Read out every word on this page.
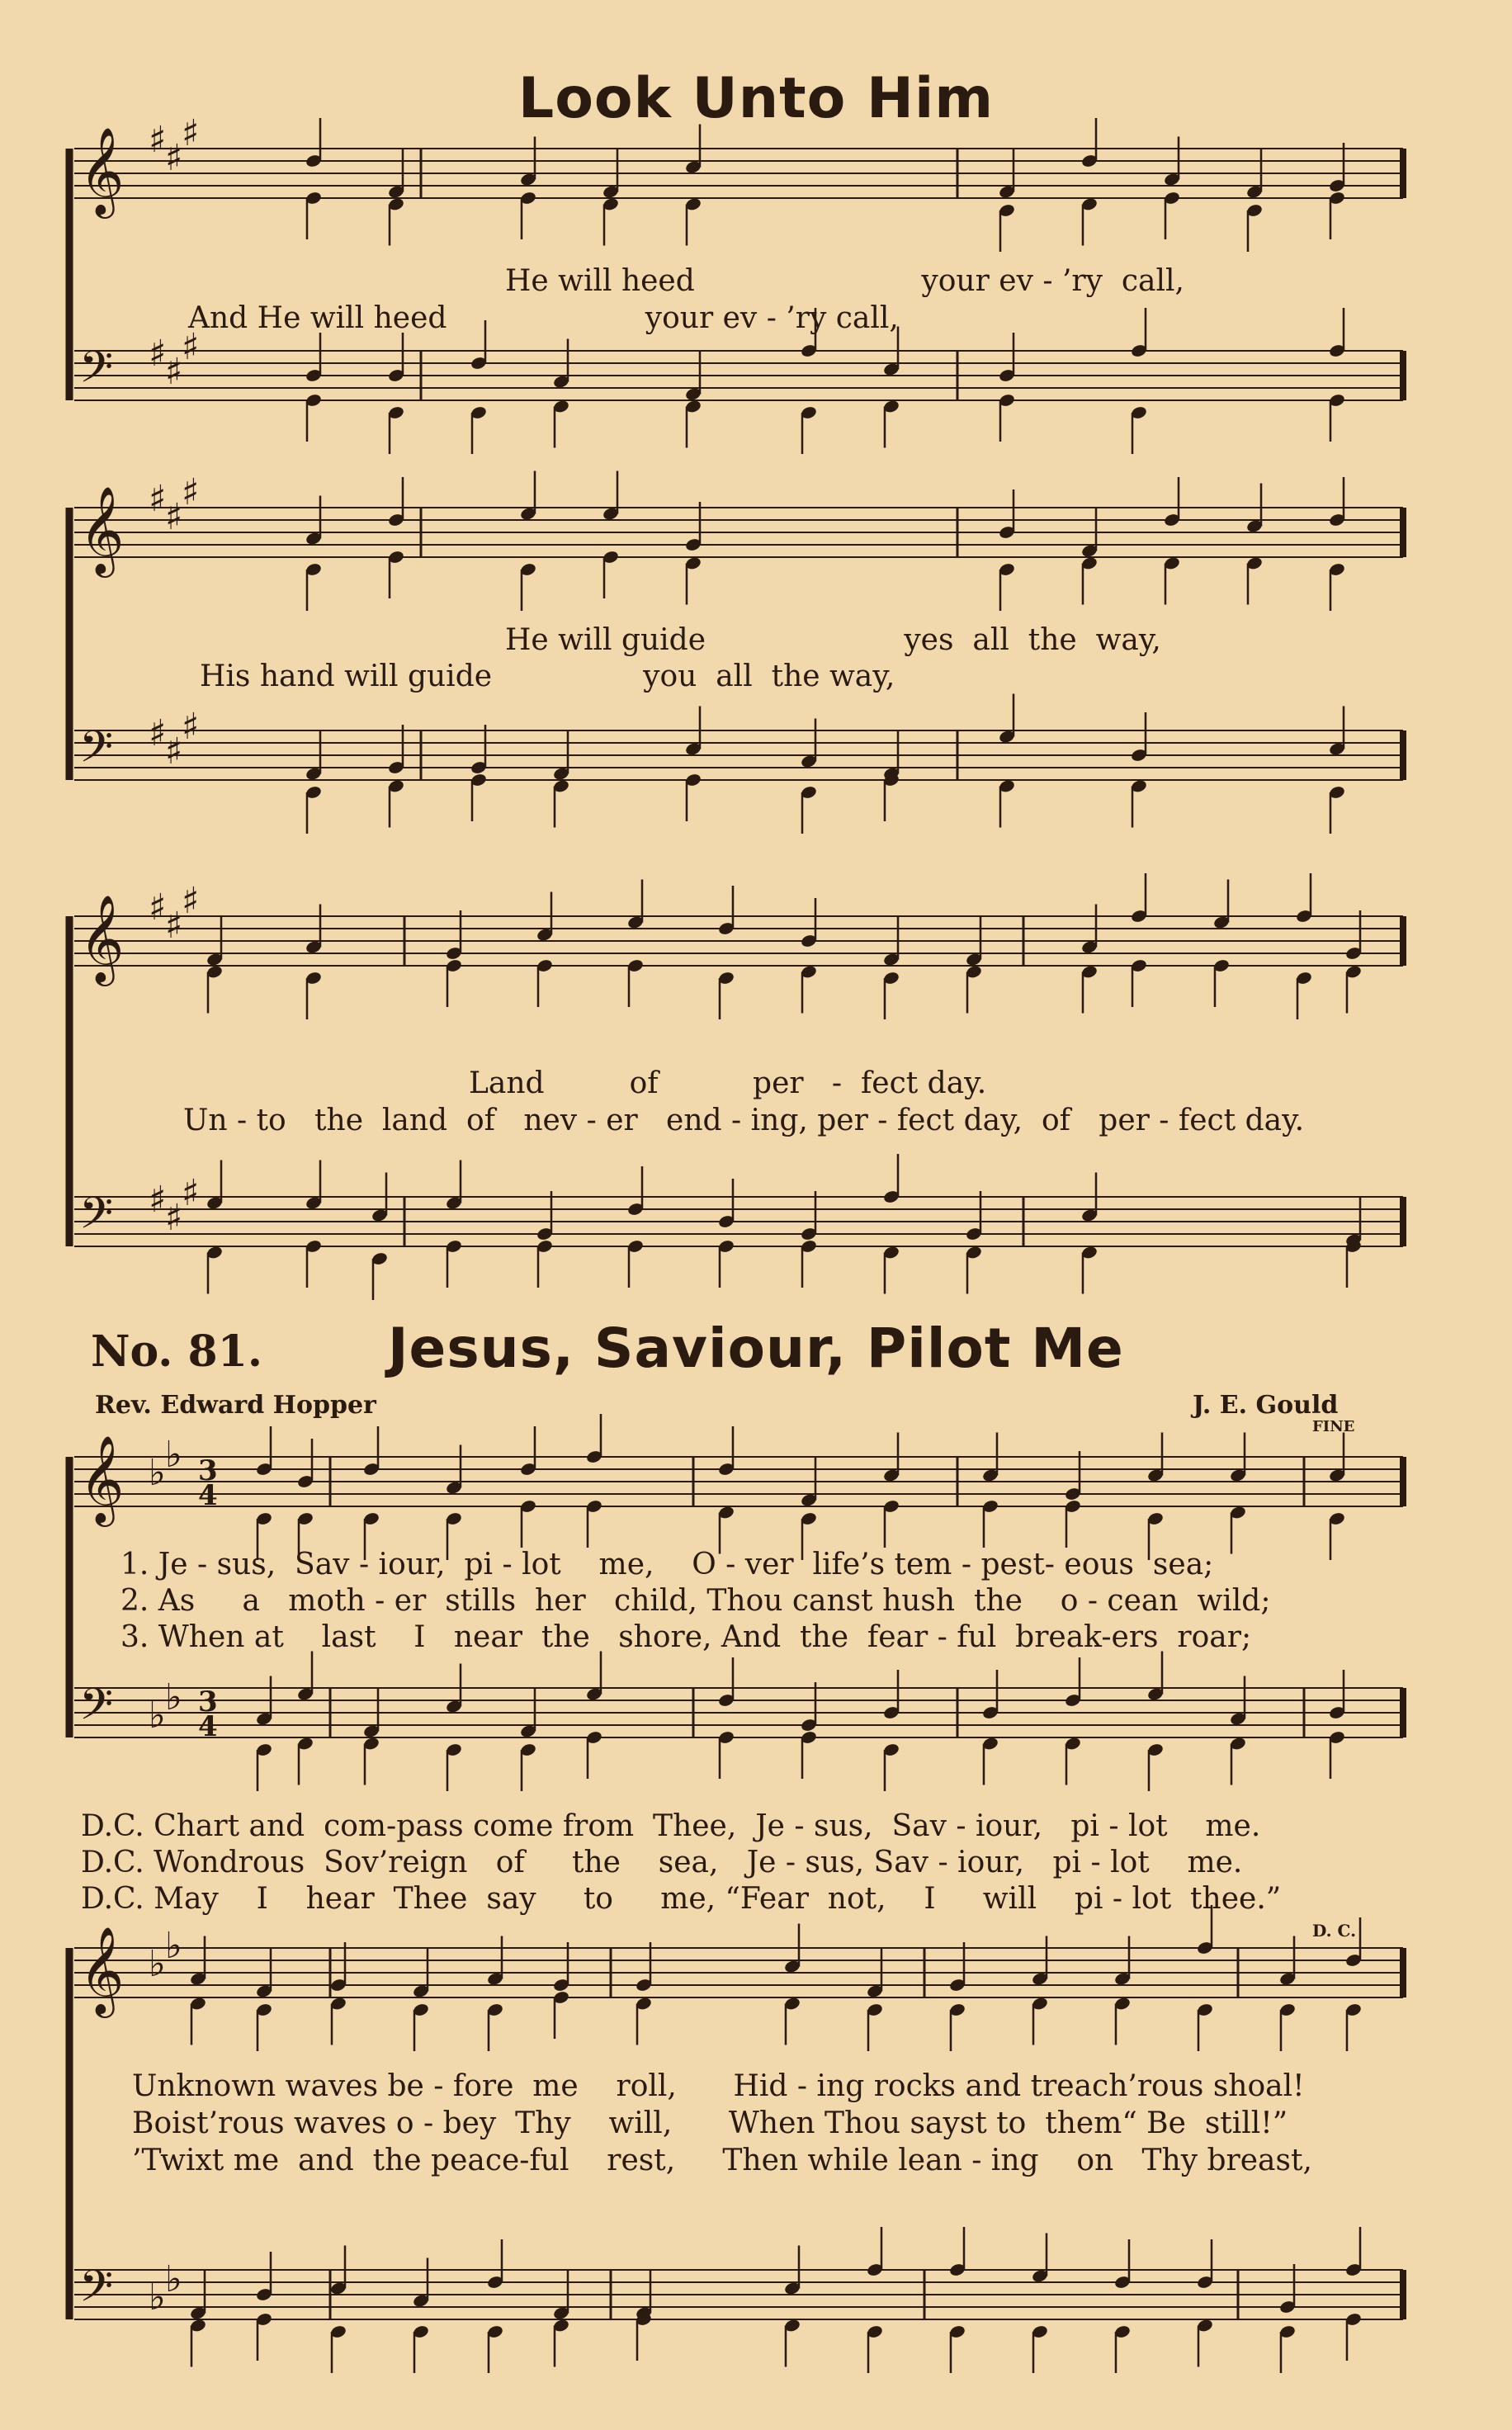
Look Unto Him
𝄞 ♯
♯
♯
𝄢 ♯
♯
♯
He will heed                        your ev - ’ry  call,
And He will heed                     your ev - ’ry call,
𝄞 ♯
♯
♯
𝄢 ♯
♯
♯
He will guide                     yes  all  the  way,
His hand will guide                you  all  the way,
𝄞 ♯
♯
♯
𝄢 ♯
♯
♯
Land         of          per   -  fect day.
Un - to   the  land  of   nev - er   end - ing, per - fect day,  of   per - fect day.
No. 81. Jesus, Saviour, Pilot Me
Rev. Edward Hopper	J. E. Gould
FINE
𝄞 ♭ ♭ 3
4
𝄢 ♭ ♭ 3
4
1. Je - sus,  Sav - iour,  pi - lot    me,    O - ver  life’s tem - pest- eous  sea;
2. As     a   moth - er  stills  her   child, Thou canst hush  the    o - cean  wild;
3. When at    last    I   near  the   shore, And  the  fear - ful  break-ers  roar;
D.C. Chart and  com-pass come from  Thee,  Je - sus,  Sav - iour,   pi - lot    me.
D.C. Wondrous  Sov’reign   of     the    sea,   Je - sus, Sav - iour,   pi - lot    me.
D.C. May    I    hear  Thee  say     to     me, “Fear  not,    I     will    pi - lot  thee.”
D. C.
𝄞 ♭ ♭
𝄢 ♭ ♭
Unknown waves be - fore  me    roll,      Hid - ing rocks and treach’rous shoal!
Boist’rous waves o - bey  Thy    will,      When Thou sayst to  them“ Be  still!”
’Twixt me  and  the peace-ful    rest,     Then while lean - ing    on   Thy breast,
